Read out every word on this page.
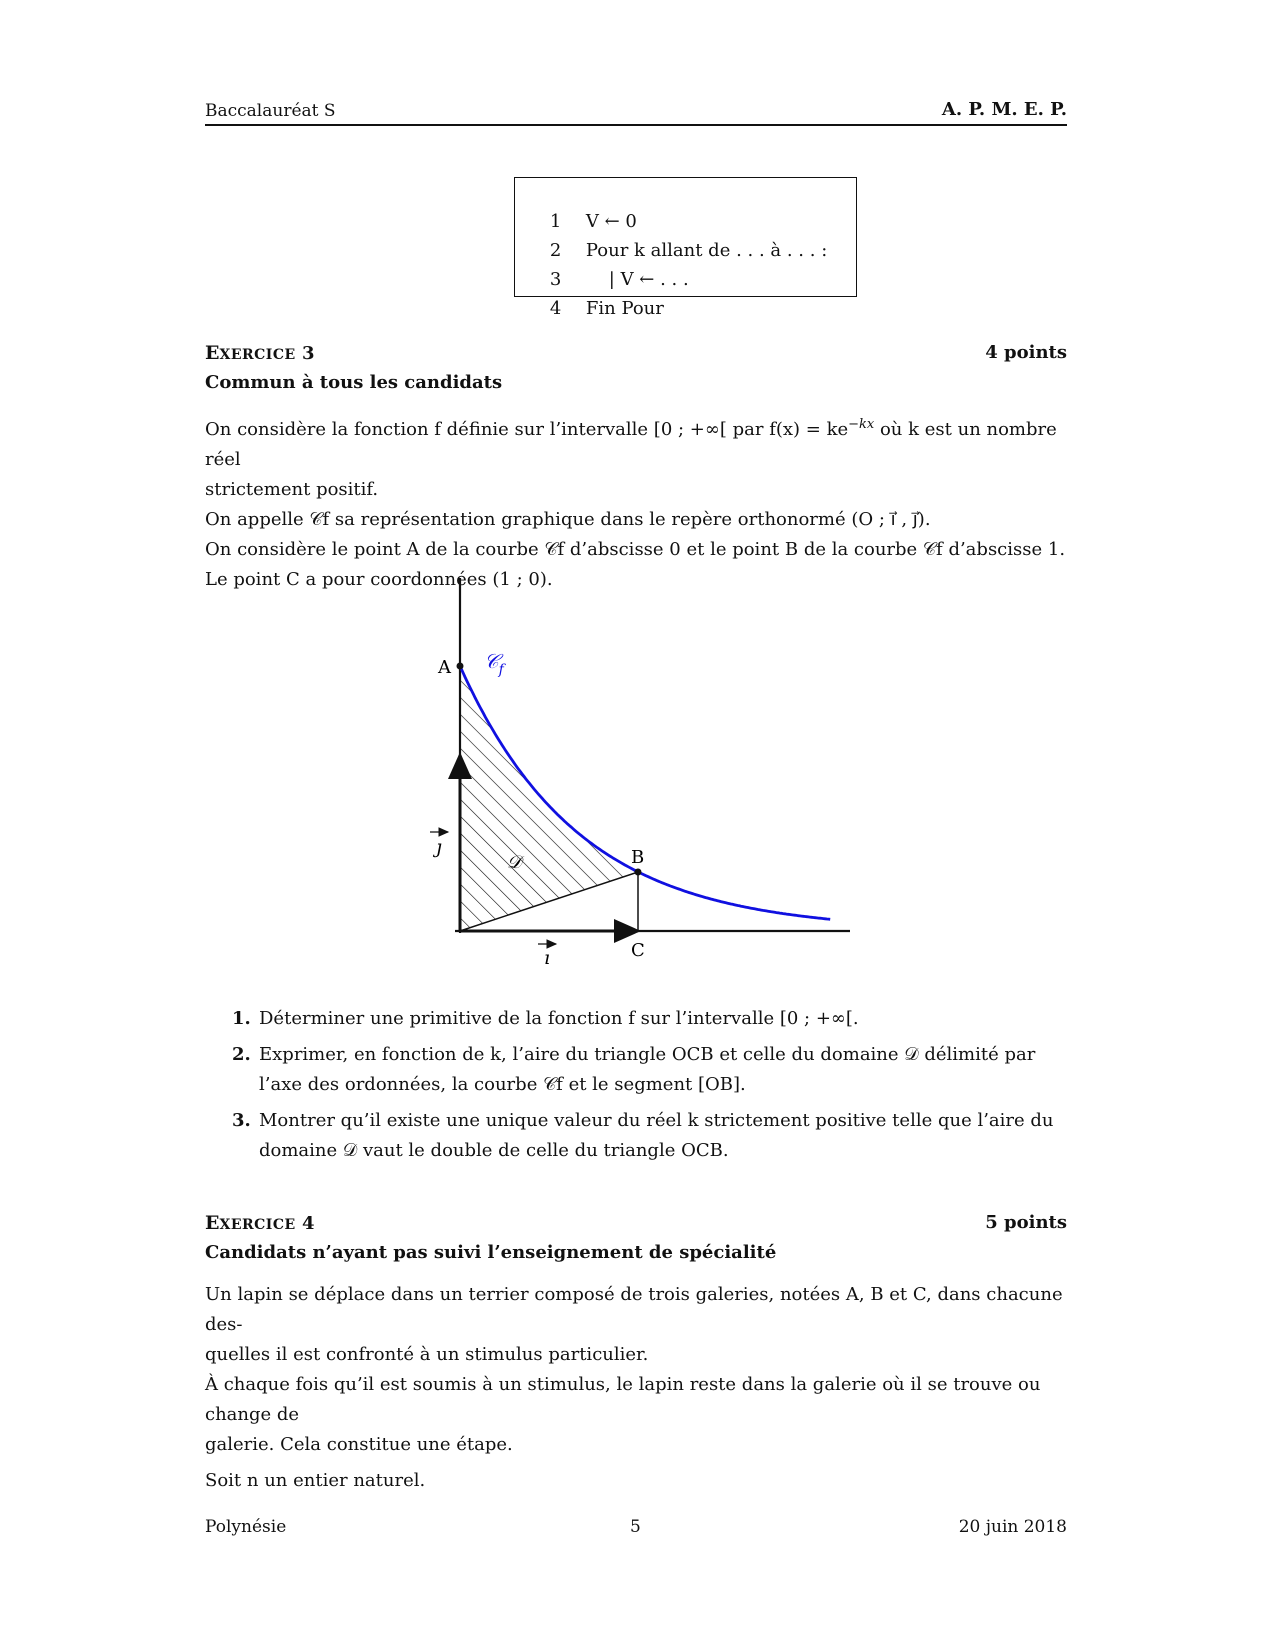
Baccalauréat S	A. P. M. E. P.

1 V ← 0

2 Pour k allant de . . . à . . . :

3    | V ← . . .

4 Fin Pour

EXERCICE 3	4 points
Commun à tous les candidats

On considère la fonction f définie sur l’intervalle [0 ; +∞[ par $f(x) = ke^{-kx}$ où k est un nombre réel

strictement positif.

On appelle 𝒞f sa représentation graphique dans le repère orthonormé (O ; i⃗ , j⃗).

On considère le point A de la courbe 𝒞f d’abscisse 0 et le point B de la courbe 𝒞f d’abscisse 1.

Le point C a pour coordonnées (1 ; 0).

A
B
C
𝒞$_f$
𝒟
ı
ȷ
1. Déterminer une primitive de la fonction f sur l’intervalle [0 ; +∞[.
2. Exprimer, en fonction de k, l’aire du triangle OCB et celle du domaine 𝒟 délimité par l’axe des ordonnées, la courbe 𝒞f et le segment [OB].
3. Montrer qu’il existe une unique valeur du réel k strictement positive telle que l’aire du domaine 𝒟 vaut le double de celle du triangle OCB.
EXERCICE 4	5 points
Candidats n’ayant pas suivi l’enseignement de spécialité

Un lapin se déplace dans un terrier composé de trois galeries, notées A, B et C, dans chacune des-

quelles il est confronté à un stimulus particulier.

À chaque fois qu’il est soumis à un stimulus, le lapin reste dans la galerie où il se trouve ou change de

galerie. Cela constitue une étape.

Soit n un entier naturel.

Polynésie	5	20 juin 2018
